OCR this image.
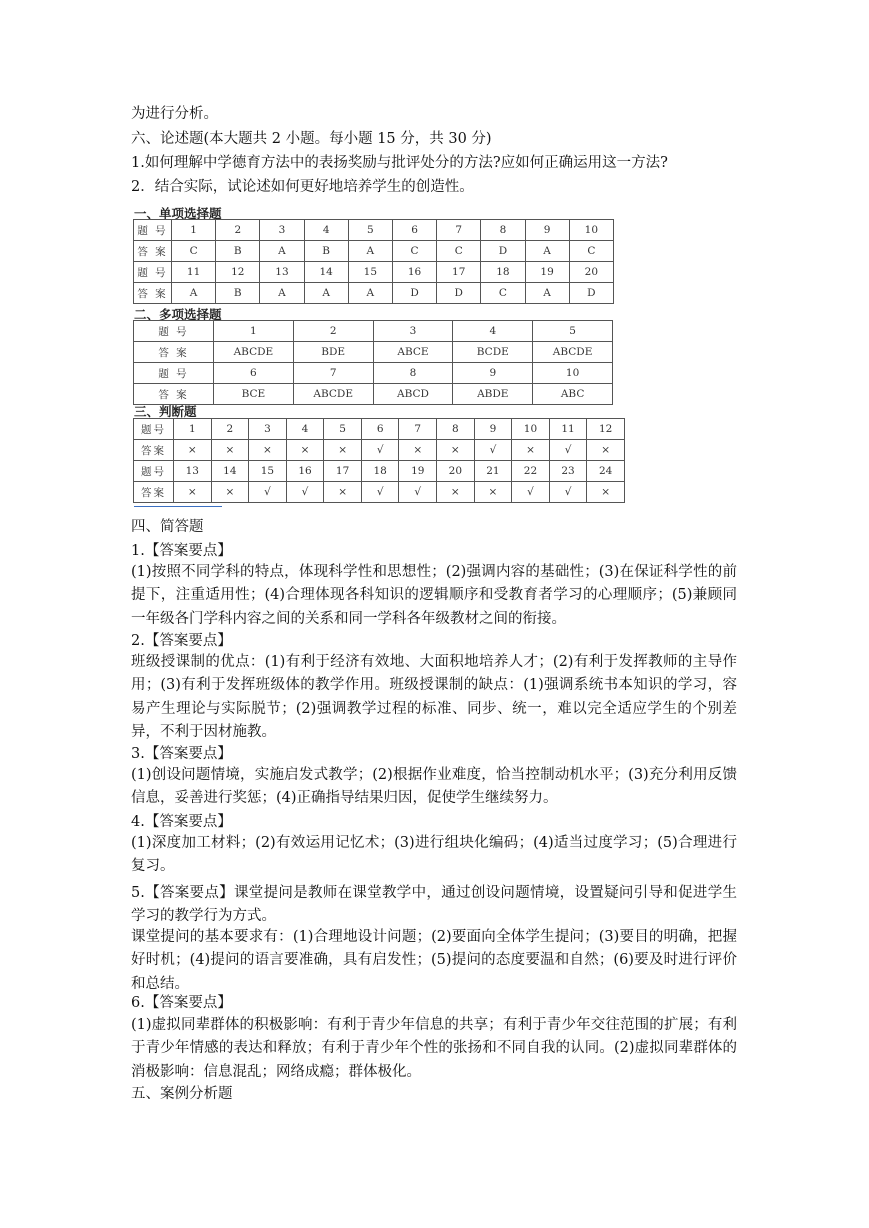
为进行分析。
六、论述题(本大题共 2 小题。每小题 15 分，共 30 分)
1.如何理解中学德育方法中的表扬奖励与批评处分的方法?应如何正确运用这一方法?
2．结合实际，试论述如何更好地培养学生的创造性。
一、单项选择题
题 号	1	2	3	4	5	6	7	8	9	10
答 案	C	B	A	B	A	C	C	D	A	C
题 号	11	12	13	14	15	16	17	18	19	20
答 案	A	B	A	A	A	D	D	C	A	D
二、多项选择题
题 号	1	2	3	4	5
答 案	ABCDE	BDE	ABCE	BCDE	ABCDE
题 号	6	7	8	9	10
答 案	BCE	ABCDE	ABCD	ABDE	ABC
三、判断题
题号	1	2	3	4	5	6	7	8	9	10	11	12
答案	×	×	×	×	×	√	×	×	√	×	√	×
题号	13	14	15	16	17	18	19	20	21	22	23	24
答案	×	×	√	√	×	√	√	×	×	√	√	×
四、简答题
1.【答案要点】
(1)按照不同学科的特点，体现科学性和思想性；(2)强调内容的基础性；(3)在保证科学性的前提下，注重适用性；(4)合理体现各科知识的逻辑顺序和受教育者学习的心理顺序；(5)兼顾同一年级各门学科内容之间的关系和同一学科各年级教材之间的衔接。
2.【答案要点】
班级授课制的优点：(1)有利于经济有效地、大面积地培养人才；(2)有利于发挥教师的主导作用；(3)有利于发挥班级体的教学作用。班级授课制的缺点：(1)强调系统书本知识的学习，容易产生理论与实际脱节；(2)强调教学过程的标准、同步、统一，难以完全适应学生的个别差异，不利于因材施教。
3.【答案要点】
(1)创设问题情境，实施启发式教学；(2)根据作业难度，恰当控制动机水平；(3)充分利用反馈信息，妥善进行奖惩；(4)正确指导结果归因，促使学生继续努力。
4.【答案要点】
(1)深度加工材料；(2)有效运用记忆术；(3)进行组块化编码；(4)适当过度学习；(5)合理进行复习。
5.【答案要点】课堂提问是教师在课堂教学中，通过创设问题情境，设置疑问引导和促进学生学习的教学行为方式。
课堂提问的基本要求有：(1)合理地设计问题；(2)要面向全体学生提问；(3)要目的明确，把握好时机；(4)提问的语言要准确，具有启发性；(5)提问的态度要温和自然；(6)要及时进行评价和总结。
6.【答案要点】
(1)虚拟同辈群体的积极影响：有利于青少年信息的共享；有利于青少年交往范围的扩展；有利于青少年情感的表达和释放；有利于青少年个性的张扬和不同自我的认同。(2)虚拟同辈群体的消极影响：信息混乱；网络成瘾；群体极化。
五、案例分析题
